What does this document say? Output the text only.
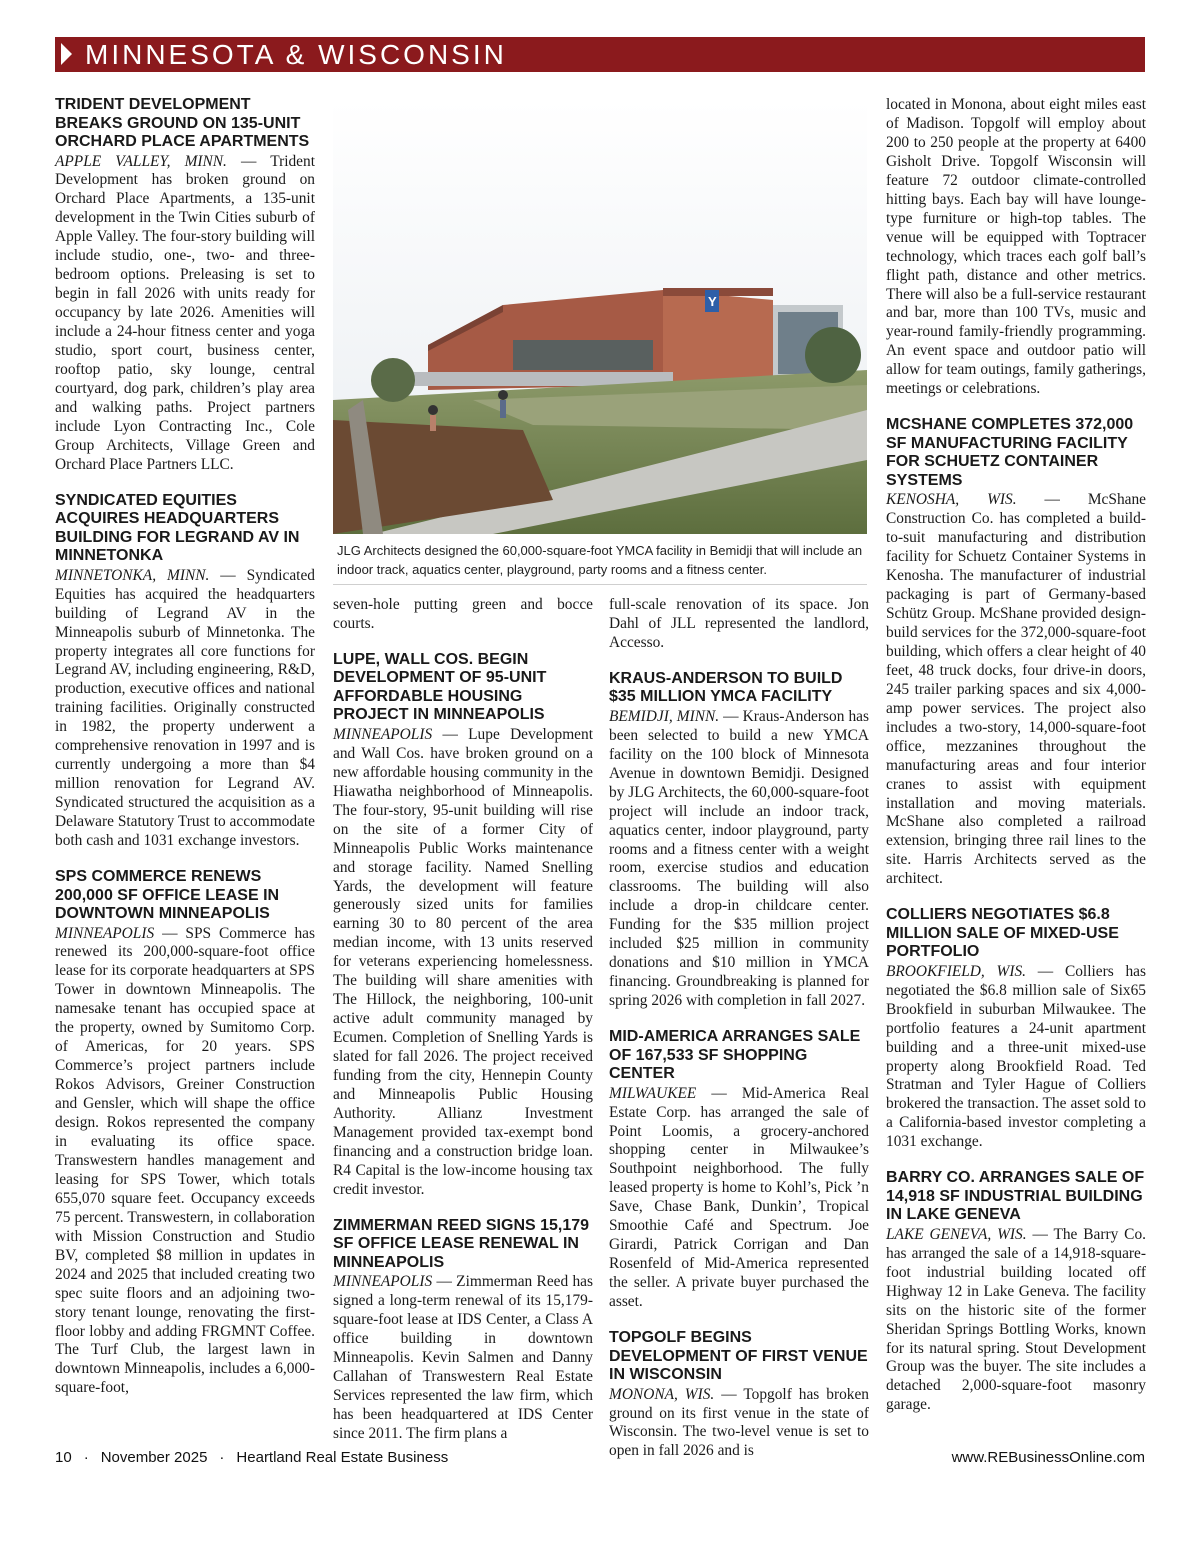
MINNESOTA & WISCONSIN
TRIDENT DEVELOPMENT BREAKS GROUND ON 135-UNIT ORCHARD PLACE APARTMENTS

APPLE VALLEY, MINN. — Trident Development has broken ground on Orchard Place Apartments, a 135-unit development in the Twin Cities suburb of Apple Valley. The four-story building will include studio, one-, two- and three-bedroom options. Preleasing is set to begin in fall 2026 with units ready for occupancy by late 2026. Amenities will include a 24-hour fitness center and yoga studio, sport court, business center, rooftop patio, sky lounge, central courtyard, dog park, children’s play area and walking paths. Project partners include Lyon Contracting Inc., Cole Group Architects, Village Green and Orchard Place Partners LLC.

SYNDICATED EQUITIES ACQUIRES HEADQUARTERS BUILDING FOR LEGRAND AV IN MINNETONKA

MINNETONKA, MINN. — Syndicated Equities has acquired the headquarters building of Legrand AV in the Minneapolis suburb of Minnetonka. The property integrates all core functions for Legrand AV, including engineering, R&D, production, executive offices and national training facilities. Originally constructed in 1982, the property underwent a comprehensive renovation in 1997 and is currently undergoing a more than $4 million renovation for Legrand AV. Syndicated structured the acquisition as a Delaware Statutory Trust to accommodate both cash and 1031 exchange investors.

SPS COMMERCE RENEWS 200,000 SF OFFICE LEASE IN DOWNTOWN MINNEAPOLIS

MINNEAPOLIS — SPS Commerce has renewed its 200,000-square-foot office lease for its corporate headquarters at SPS Tower in downtown Minneapolis. The namesake tenant has occupied space at the property, owned by Sumitomo Corp. of Americas, for 20 years. SPS Commerce’s project partners include Rokos Advisors, Greiner Construction and Gensler, which will shape the office design. Rokos represented the company in evaluating its office space. Transwestern handles management and leasing for SPS Tower, which totals 655,070 square feet. Occupancy exceeds 75 percent. Transwestern, in collaboration with Mission Construction and Studio BV, completed $8 million in updates in 2024 and 2025 that included creating two spec suite floors and an adjoining two-story tenant lounge, renovating the first-floor lobby and adding FRGMNT Coffee. The Turf Club, the largest lawn in downtown Minneapolis, includes a 6,000-square-foot,

Y
JLG Architects designed the 60,000-square-foot YMCA facility in Bemidji that will include an indoor track, aquatics center, playground, party rooms and a fitness center.

seven-hole putting green and bocce courts.

LUPE, WALL COS. BEGIN DEVELOPMENT OF 95-UNIT AFFORDABLE HOUSING PROJECT IN MINNEAPOLIS

MINNEAPOLIS — Lupe Development and Wall Cos. have broken ground on a new affordable housing community in the Hiawatha neighborhood of Minneapolis. The four-story, 95-unit building will rise on the site of a former City of Minneapolis Public Works maintenance and storage facility. Named Snelling Yards, the development will feature generously sized units for families earning 30 to 80 percent of the area median income, with 13 units reserved for veterans experiencing homelessness. The building will share amenities with The Hillock, the neighboring, 100-unit active adult community managed by Ecumen. Completion of Snelling Yards is slated for fall 2026. The project received funding from the city, Hennepin County and Minneapolis Public Housing Authority. Allianz Investment Management provided tax-exempt bond financing and a construction bridge loan. R4 Capital is the low-income housing tax credit investor.

ZIMMERMAN REED SIGNS 15,179 SF OFFICE LEASE RENEWAL IN MINNEAPOLIS

MINNEAPOLIS — Zimmerman Reed has signed a long-term renewal of its 15,179-square-foot lease at IDS Center, a Class A office building in downtown Minneapolis. Kevin Salmen and Danny Callahan of Transwestern Real Estate Services represented the law firm, which has been headquartered at IDS Center since 2011. The firm plans a

full-scale renovation of its space. Jon Dahl of JLL represented the landlord, Accesso.

KRAUS-ANDERSON TO BUILD $35 MILLION YMCA FACILITY

BEMIDJI, MINN. — Kraus-Anderson has been selected to build a new YMCA facility on the 100 block of Minnesota Avenue in downtown Bemidji. Designed by JLG Architects, the 60,000-square-foot project will include an indoor track, aquatics center, indoor playground, party rooms and a fitness center with a weight room, exercise studios and education classrooms. The building will also include a drop-in childcare center. Funding for the $35 million project included $25 million in community donations and $10 million in YMCA financing. Groundbreaking is planned for spring 2026 with completion in fall 2027.

MID-AMERICA ARRANGES SALE OF 167,533 SF SHOPPING CENTER

MILWAUKEE — Mid-America Real Estate Corp. has arranged the sale of Point Loomis, a grocery-anchored shopping center in Milwaukee’s Southpoint neighborhood. The fully leased property is home to Kohl’s, Pick ’n Save, Chase Bank, Dunkin’, Tropical Smoothie Café and Spectrum. Joe Girardi, Patrick Corrigan and Dan Rosenfeld of Mid-America represented the seller. A private buyer purchased the asset.

TOPGOLF BEGINS DEVELOPMENT OF FIRST VENUE IN WISCONSIN

MONONA, WIS. — Topgolf has broken ground on its first venue in the state of Wisconsin. The two-level venue is set to open in fall 2026 and is

located in Monona, about eight miles east of Madison. Topgolf will employ about 200 to 250 people at the property at 6400 Gisholt Drive. Topgolf Wisconsin will feature 72 outdoor climate-controlled hitting bays. Each bay will have lounge-type furniture or high-top tables. The venue will be equipped with Toptracer technology, which traces each golf ball’s flight path, distance and other metrics. There will also be a full-service restaurant and bar, more than 100 TVs, music and year-round family-friendly programming. An event space and outdoor patio will allow for team outings, family gatherings, meetings or celebrations.

MCSHANE COMPLETES 372,000 SF MANUFACTURING FACILITY FOR SCHUETZ CONTAINER SYSTEMS

KENOSHA, WIS. — McShane Construction Co. has completed a build-to-suit manufacturing and distribution facility for Schuetz Container Systems in Kenosha. The manufacturer of industrial packaging is part of Germany-based Schütz Group. McShane provided design-build services for the 372,000-square-foot building, which offers a clear height of 40 feet, 48 truck docks, four drive-in doors, 245 trailer parking spaces and six 4,000-amp power services. The project also includes a two-story, 14,000-square-foot office, mezzanines throughout the manufacturing areas and four interior cranes to assist with equipment installation and moving materials. McShane also completed a railroad extension, bringing three rail lines to the site. Harris Architects served as the architect.

COLLIERS NEGOTIATES $6.8 MILLION SALE OF MIXED-USE PORTFOLIO

BROOKFIELD, WIS. — Colliers has negotiated the $6.8 million sale of Six65 Brookfield in suburban Milwaukee. The portfolio features a 24-unit apartment building and a three-unit mixed-use property along Brookfield Road. Ted Stratman and Tyler Hague of Colliers brokered the transaction. The asset sold to a California-based investor completing a 1031 exchange.

BARRY CO. ARRANGES SALE OF 14,918 SF INDUSTRIAL BUILDING IN LAKE GENEVA

LAKE GENEVA, WIS. — The Barry Co. has arranged the sale of a 14,918-square-foot industrial building located off Highway 12 in Lake Geneva. The facility sits on the historic site of the former Sheridan Springs Bottling Works, known for its natural spring. Stout Development Group was the buyer. The site includes a detached 2,000-square-foot masonry garage.

10 · November 2025 · Heartland Real Estate Business	www.REBusinessOnline.com
